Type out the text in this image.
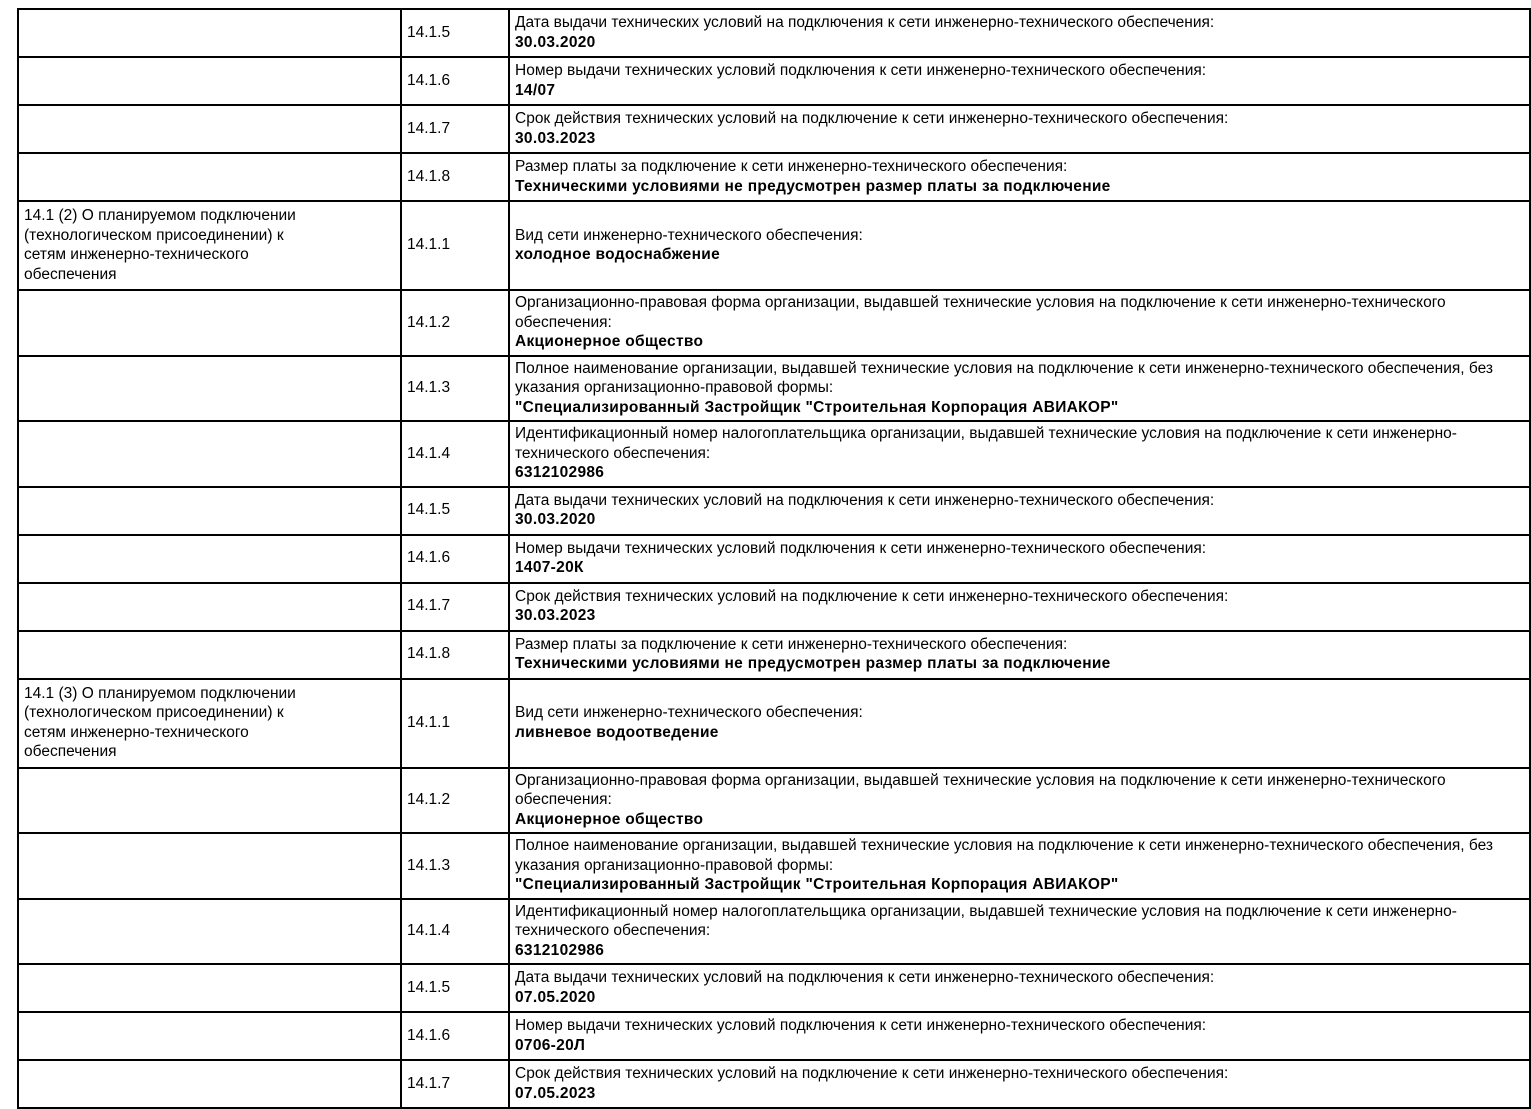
	14.1.5	Дата выдачи технических условий на подключения к сети инженерно-технического обеспечения:
30.03.2020

	14.1.6	Номер выдачи технических условий подключения к сети инженерно-технического обеспечения:
14/07

	14.1.7	Срок действия технических условий на подключение к сети инженерно-технического обеспечения:
30.03.2023

	14.1.8	Размер платы за подключение к сети инженерно-технического обеспечения:
Техническими условиями не предусмотрен размер платы за подключение

14.1 (2) О планируемом подключении (технологическом присоединении) к сетям инженерно-технического обеспечения	14.1.1	Вид сети инженерно-технического обеспечения:
холодное водоснабжение

	14.1.2	Организационно-правовая форма организации, выдавшей технические условия на подключение к сети инженерно-технического обеспечения:
Акционерное общество

	14.1.3	Полное наименование организации, выдавшей технические условия на подключение к сети инженерно-технического обеспечения, без указания организационно-правовой формы:
"Специализированный Застройщик "Строительная Корпорация АВИАКОР"

	14.1.4	Идентификационный номер налогоплательщика организации, выдавшей технические условия на подключение к сети инженерно-технического обеспечения:
6312102986

	14.1.5	Дата выдачи технических условий на подключения к сети инженерно-технического обеспечения:
30.03.2020

	14.1.6	Номер выдачи технических условий подключения к сети инженерно-технического обеспечения:
1407-20К

	14.1.7	Срок действия технических условий на подключение к сети инженерно-технического обеспечения:
30.03.2023

	14.1.8	Размер платы за подключение к сети инженерно-технического обеспечения:
Техническими условиями не предусмотрен размер платы за подключение

14.1 (3) О планируемом подключении (технологическом присоединении) к сетям инженерно-технического обеспечения	14.1.1	Вид сети инженерно-технического обеспечения:
ливневое водоотведение

	14.1.2	Организационно-правовая форма организации, выдавшей технические условия на подключение к сети инженерно-технического обеспечения:
Акционерное общество

	14.1.3	Полное наименование организации, выдавшей технические условия на подключение к сети инженерно-технического обеспечения, без указания организационно-правовой формы:
"Специализированный Застройщик "Строительная Корпорация АВИАКОР"

	14.1.4	Идентификационный номер налогоплательщика организации, выдавшей технические условия на подключение к сети инженерно-технического обеспечения:
6312102986

	14.1.5	Дата выдачи технических условий на подключения к сети инженерно-технического обеспечения:
07.05.2020

	14.1.6	Номер выдачи технических условий подключения к сети инженерно-технического обеспечения:
0706-20Л

	14.1.7	Срок действия технических условий на подключение к сети инженерно-технического обеспечения:
07.05.2023
